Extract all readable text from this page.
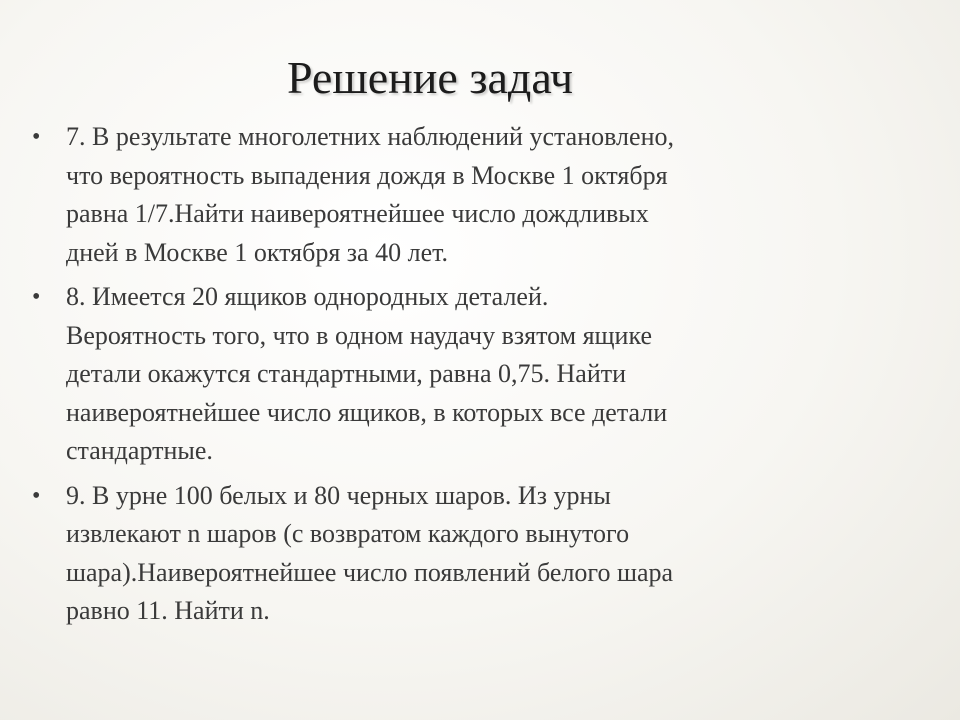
Решение задач
• 7. В результате многолетних наблюдений установлено,
что вероятность выпадения дождя в Москве 1 октября
равна 1/7.Найти наивероятнейшее число дождливых
дней в Москве 1 октября за 40 лет.
• 8. Имеется 20 ящиков однородных деталей.
Вероятность того, что в одном наудачу взятом ящике
детали окажутся стандартными, равна 0,75. Найти
наивероятнейшее число ящиков, в которых все детали
стандартные.
• 9. В урне 100 белых и 80 черных шаров. Из урны
извлекают n шаров (с возвратом каждого вынутого
шара).Наивероятнейшее число появлений белого шара
равно 11. Найти n.
